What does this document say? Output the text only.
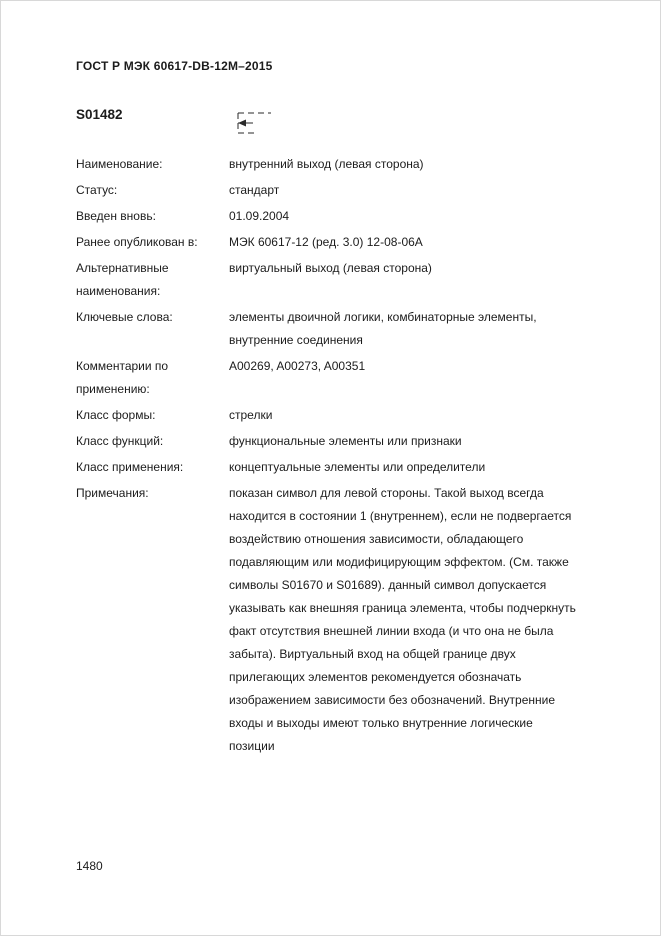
ГОСТ Р МЭК 60617-DB-12M–2015
S01482
Наименование:	внутренний выход (левая сторона)
Статус:	стандарт
Введен вновь:	01.09.2004
Ранее опубликован в:	МЭК 60617-12 (ред. 3.0) 12-08-06A
Альтернативные наименования:
виртуальный выход (левая сторона)
Ключевые слова:	элементы двоичной логики, комбинаторные элементы, внутренние соединения
Комментарии по применению:
A00269, A00273, A00351
Класс формы:	стрелки
Класс функций:	функциональные элементы или признаки
Класс применения:	концептуальные элементы или определители
Примечания:	показан символ для левой стороны. Такой выход всегда находится в состоянии 1 (внутреннем), если не подвергается воздействию отношения зависимости, обладающего подавляющим или модифицирующим эффектом. (См. также символы S01670 и S01689). данный символ допускается указывать как внешняя граница элемента, чтобы подчеркнуть факт отсутствия внешней линии входа (и что она не была забыта). Виртуальный вход на общей границе двух прилегающих элементов рекомендуется обозначать изображением зависимости без обозначений. Внутренние входы и выходы имеют только внутренние логические позиции
1480
